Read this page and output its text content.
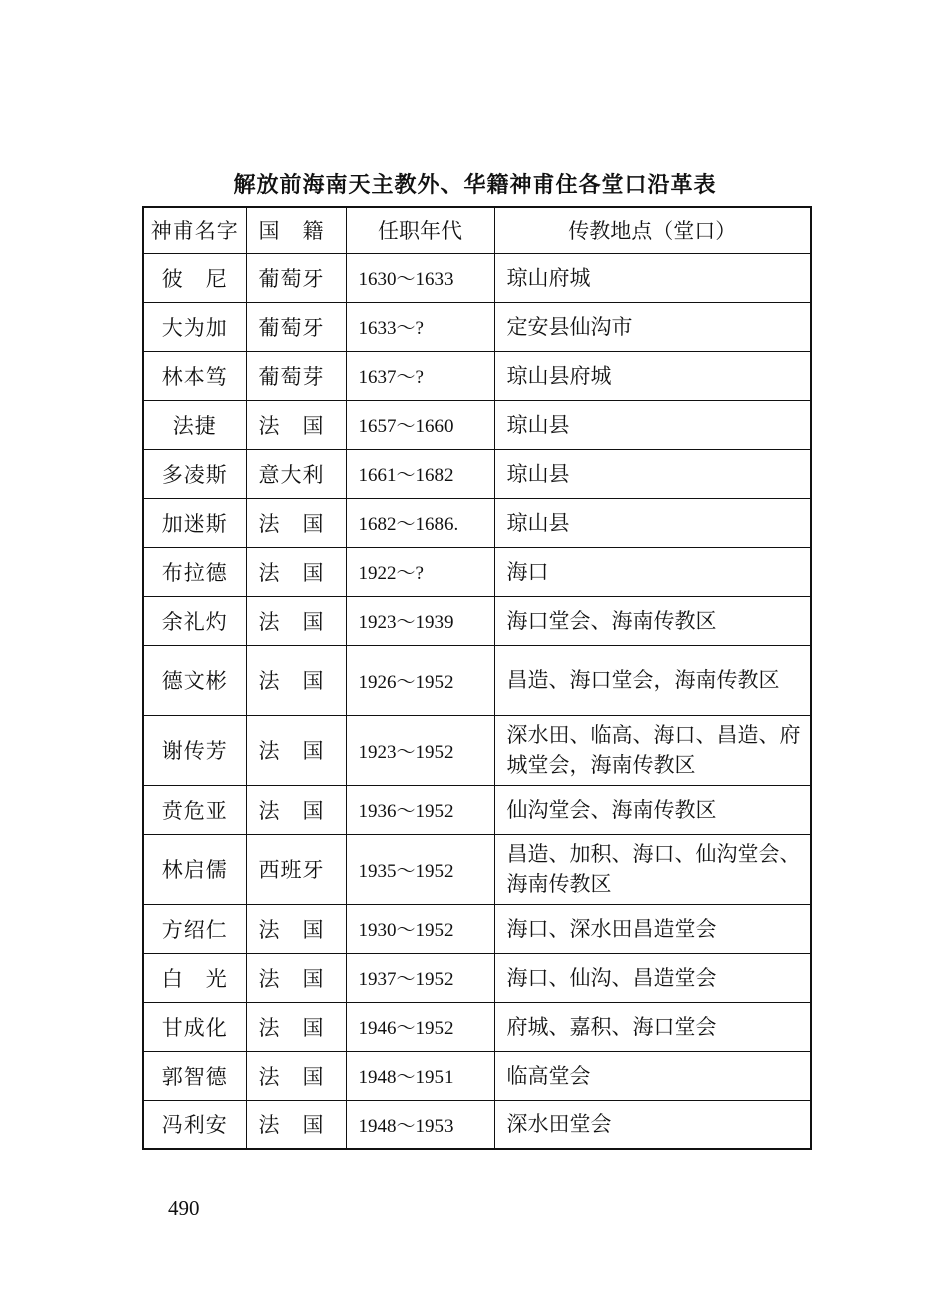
解放前海南天主教外、华籍神甫住各堂口沿革表
神甫名字	国　籍	任职年代	传教地点（堂口）
彼　尼	葡萄牙	1630～1633	琼山府城
大为加	葡萄牙	1633～?	定安县仙沟市
林本笃	葡萄芽	1637～?	琼山县府城
法捷	法　国	1657～1660	琼山县
多凌斯	意大利	1661～1682	琼山县
加迷斯	法　国	1682～1686.	琼山县
布拉德	法　国	1922～?	海口
余礼灼	法　国	1923～1939	海口堂会、海南传教区
德文彬	法　国	1926～1952	昌造、海口堂会，海南传教区
谢传芳	法　国	1923～1952	深水田、临高、海口、昌造、府城堂会，海南传教区
贲危亚	法　国	1936～1952	仙沟堂会、海南传教区
林启儒	西班牙	1935～1952	昌造、加积、海口、仙沟堂会、海南传教区
方绍仁	法　国	1930～1952	海口、深水田昌造堂会
白　光	法　国	1937～1952	海口、仙沟、昌造堂会
甘成化	法　国	1946～1952	府城、嘉积、海口堂会
郭智德	法　国	1948～1951	临高堂会
冯利安	法　国	1948～1953	深水田堂会
490
